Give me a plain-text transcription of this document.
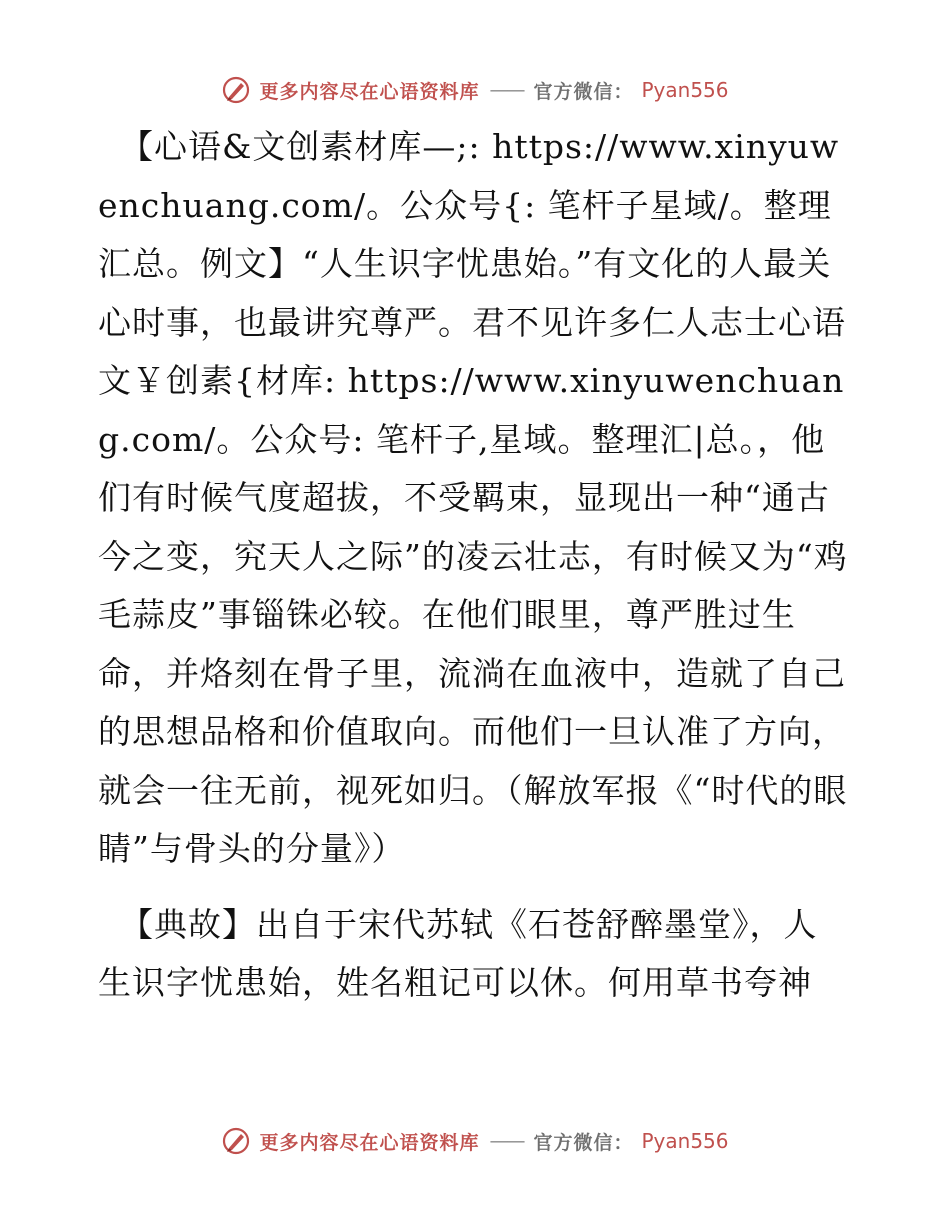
更多内容尽在心语资料库 —— 官方微信： Pyan556

【心语&文创素材库—;: https://www.xinyuwenchuang.com/。公众号{: 笔杆子星域/。整理汇总。例文】“人生识字忧患始。”有文化的人最关心时事，也最讲究尊严。君不见许多仁人志士心语文￥创素{材库: https://www.xinyuwenchuang.com/。公众号: 笔杆子,星域。整理汇|总。，他们有时候气度超拔，不受羁束，显现出一种“通古今之变，究天人之际”的凌云壮志，有时候又为“鸡毛蒜皮”事锱铢必较。在他们眼里，尊严胜过生命，并烙刻在骨子里，流淌在血液中，造就了自己的思想品格和价值取向。而他们一旦认准了方向，就会一往无前，视死如归。（解放军报《“时代的眼睛”与骨头的分量》）

【典故】出自于宋代苏轼《石苍舒醉墨堂》，人生识字忧患始，姓名粗记可以休。何用草书夸神

更多内容尽在心语资料库 —— 官方微信： Pyan556
